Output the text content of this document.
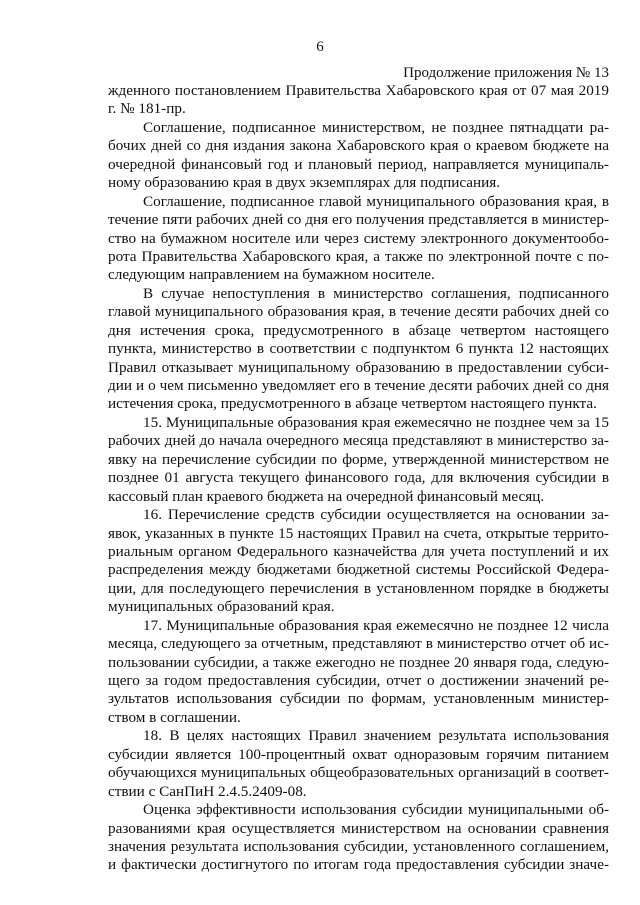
6
Продолжение приложения № 13
жденного постановлением Правительства Хабаровского края от 07 мая 2019
г. № 181-пр.
Соглашение, подписанное министерством, не позднее пятнадцати ра-
бочих дней со дня издания закона Хабаровского края о краевом бюджете на
очередной финансовый год и плановый период, направляется муниципаль-
ному образованию края в двух экземплярах для подписания.
Соглашение, подписанное главой муниципального образования края, в
течение пяти рабочих дней со дня его получения представляется в министер-
ство на бумажном носителе или через систему электронного документообо-
рота Правительства Хабаровского края, а также по электронной почте с по-
следующим направлением на бумажном носителе.
В случае непоступления в министерство соглашения, подписанного
главой муниципального образования края, в течение десяти рабочих дней со
дня истечения срока, предусмотренного в абзаце четвертом настоящего
пункта, министерство в соответствии с подпунктом 6 пункта 12 настоящих
Правил отказывает муниципальному образованию в предоставлении субси-
дии и о чем письменно уведомляет его в течение десяти рабочих дней со дня
истечения срока, предусмотренного в абзаце четвертом настоящего пункта.
15. Муниципальные образования края ежемесячно не позднее чем за 15
рабочих дней до начала очередного месяца представляют в министерство за-
явку на перечисление субсидии по форме, утвержденной министерством не
позднее 01 августа текущего финансового года, для включения субсидии в
кассовый план краевого бюджета на очередной финансовый месяц.
16. Перечисление средств субсидии осуществляется на основании за-
явок, указанных в пункте 15 настоящих Правил на счета, открытые террито-
риальным органом Федерального казначейства для учета поступлений и их
распределения между бюджетами бюджетной системы Российской Федера-
ции, для последующего перечисления в установленном порядке в бюджеты
муниципальных образований края.
17. Муниципальные образования края ежемесячно не позднее 12 числа
месяца, следующего за отчетным, представляют в министерство отчет об ис-
пользовании субсидии, а также ежегодно не позднее 20 января года, следую-
щего за годом предоставления субсидии, отчет о достижении значений ре-
зультатов использования субсидии по формам, установленным министер-
ством в соглашении.
18. В целях настоящих Правил значением результата использования
субсидии является 100-процентный охват одноразовым горячим питанием
обучающихся муниципальных общеобразовательных организаций в соответ-
ствии с СанПиН 2.4.5.2409-08.
Оценка эффективности использования субсидии муниципальными об-
разованиями края осуществляется министерством на основании сравнения
значения результата использования субсидии, установленного соглашением,
и фактически достигнутого по итогам года предоставления субсидии значе-
